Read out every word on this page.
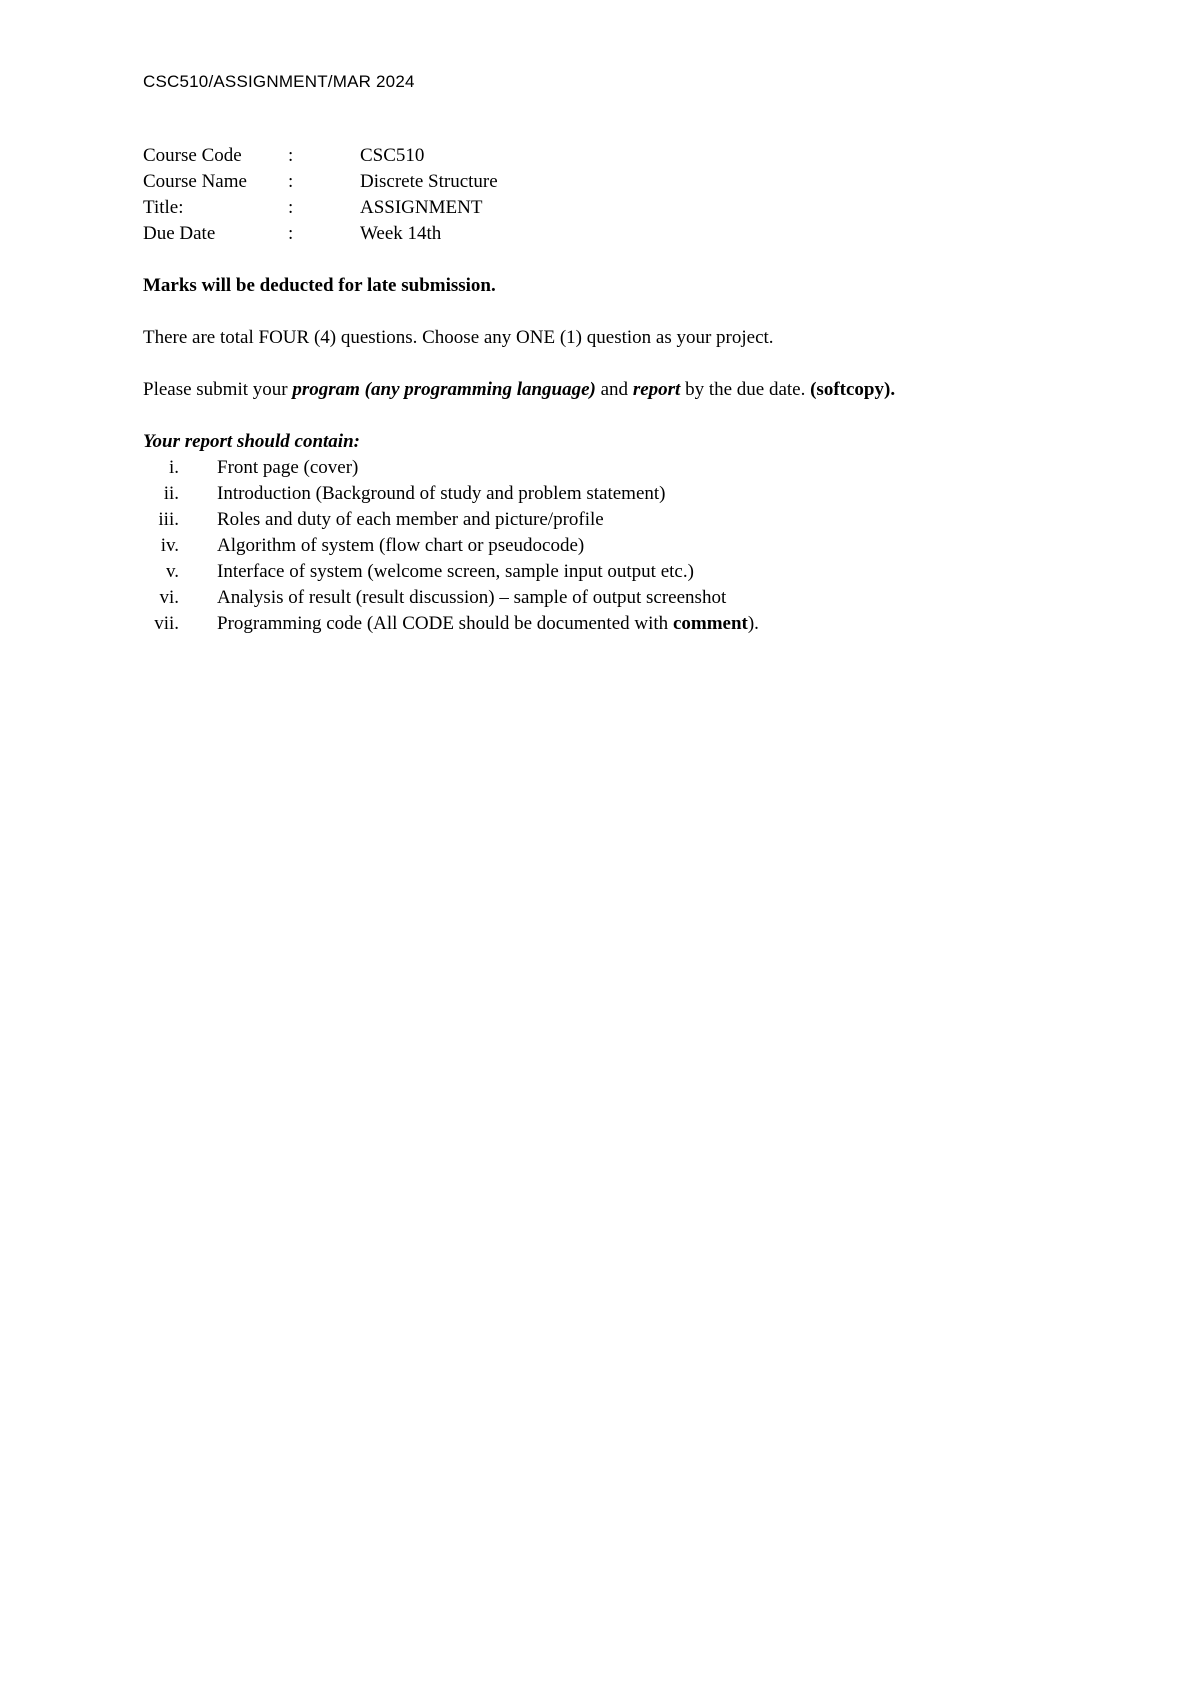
CSC510/ASSIGNMENT/MAR 2024
Course Code :	CSC510
Course Name :	Discrete Structure
Title:	:	ASSIGNMENT
Due Date	:	Week 14th
Marks will be deducted for late submission.
There are total FOUR (4) questions. Choose any ONE (1) question as your project.
Please submit your program (any programming language) and report by the due date. (softcopy).
Your report should contain:
i. Front page (cover)
ii. Introduction (Background of study and problem statement)
iii. Roles and duty of each member and picture/profile
iv. Algorithm of system (flow chart or pseudocode)
v. Interface of system (welcome screen, sample input output etc.)
vi. Analysis of result (result discussion) – sample of output screenshot
vii. Programming code (All CODE should be documented with comment).
